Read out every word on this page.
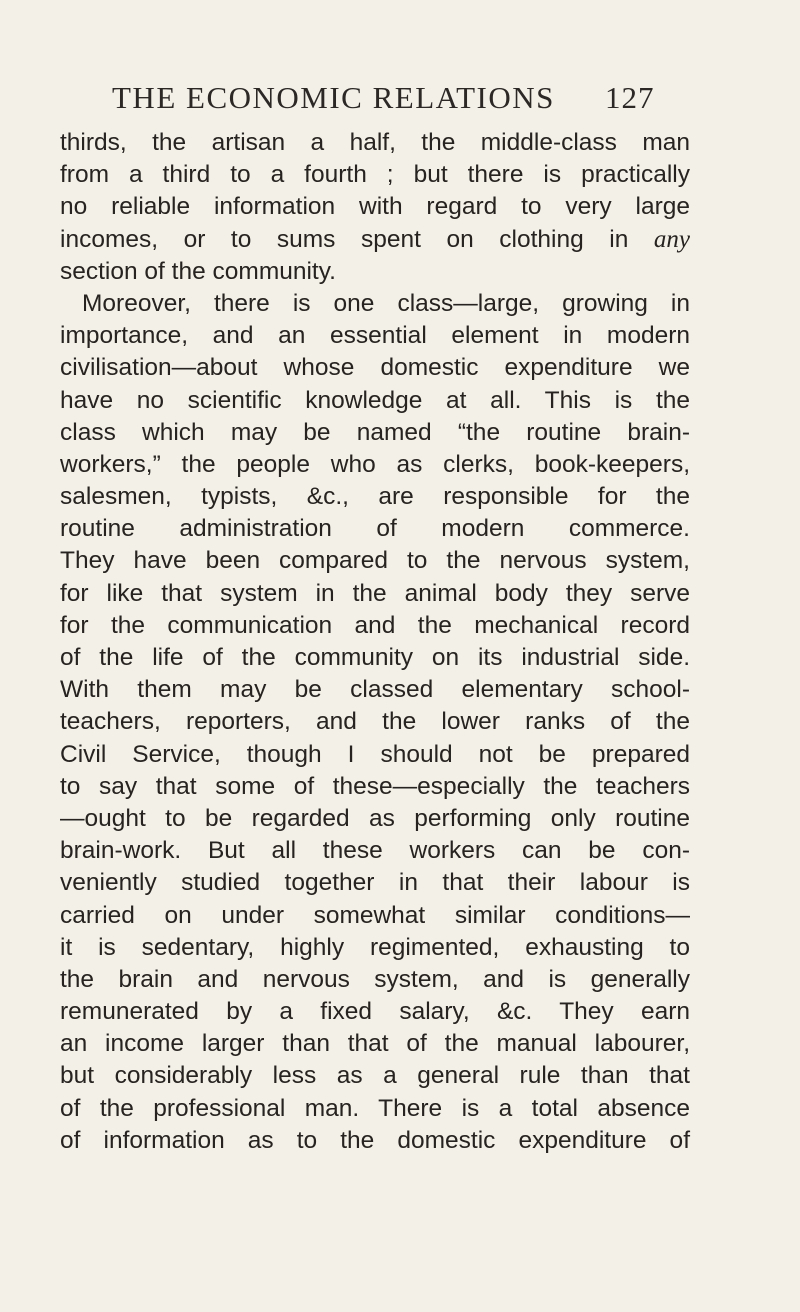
THE ECONOMIC RELATIONS 127
thirds, the artisan a half, the middle-class man
from a third to a fourth ; but there is practically
no reliable information with regard to very large
incomes, or to sums spent on clothing in any
section of the community.
Moreover, there is one class—large, growing in
importance, and an essential element in modern
civilisation—about whose domestic expenditure we
have no scientific knowledge at all. This is the
class which may be named “the routine brain-
workers,” the people who as clerks, book-keepers,
salesmen, typists, &c., are responsible for the
routine administration of modern commerce.
They have been compared to the nervous system,
for like that system in the animal body they serve
for the communication and the mechanical record
of the life of the community on its industrial side.
With them may be classed elementary school-
teachers, reporters, and the lower ranks of the
Civil Service, though I should not be prepared
to say that some of these—especially the teachers
—ought to be regarded as performing only routine
brain-work. But all these workers can be con-
veniently studied together in that their labour is
carried on under somewhat similar conditions—
it is sedentary, highly regimented, exhausting to
the brain and nervous system, and is generally
remunerated by a fixed salary, &c. They earn
an income larger than that of the manual labourer,
but considerably less as a general rule than that
of the professional man. There is a total absence
of information as to the domestic expenditure of
